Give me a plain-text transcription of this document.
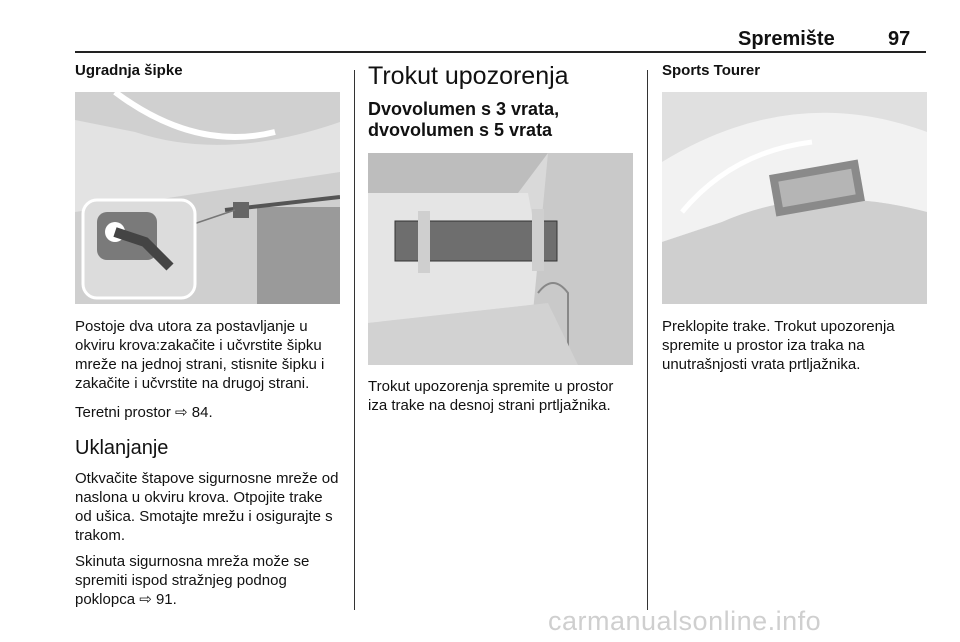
Spremište	97
Ugradnja šipke

Postoje dva utora za postavljanje u okviru krova:zakačite i učvrstite šipku mreže na jednoj strani, stisnite šipku i zakačite i učvrstite na drugoj strani.

Teretni prostor ⇨ 84.

Uklanjanje

Otkvačite štapove sigurnosne mreže od naslona u okviru krova. Otpojite trake od ušica. Smotajte mrežu i osigurajte s trakom.

Skinuta sigurnosna mreža može se spremiti ispod stražnjeg podnog poklopca ⇨ 91.

Trokut upozorenja
Dvovolumen s 3 vrata, dvovolumen s 5 vrata

Trokut upozorenja spremite u prostor iza trake na desnoj strani prtljažnika.

Sports Tourer

Preklopite trake. Trokut upozorenja spremite u prostor iza traka na unutrašnjosti vrata prtljažnika.

carmanualsonline.info
